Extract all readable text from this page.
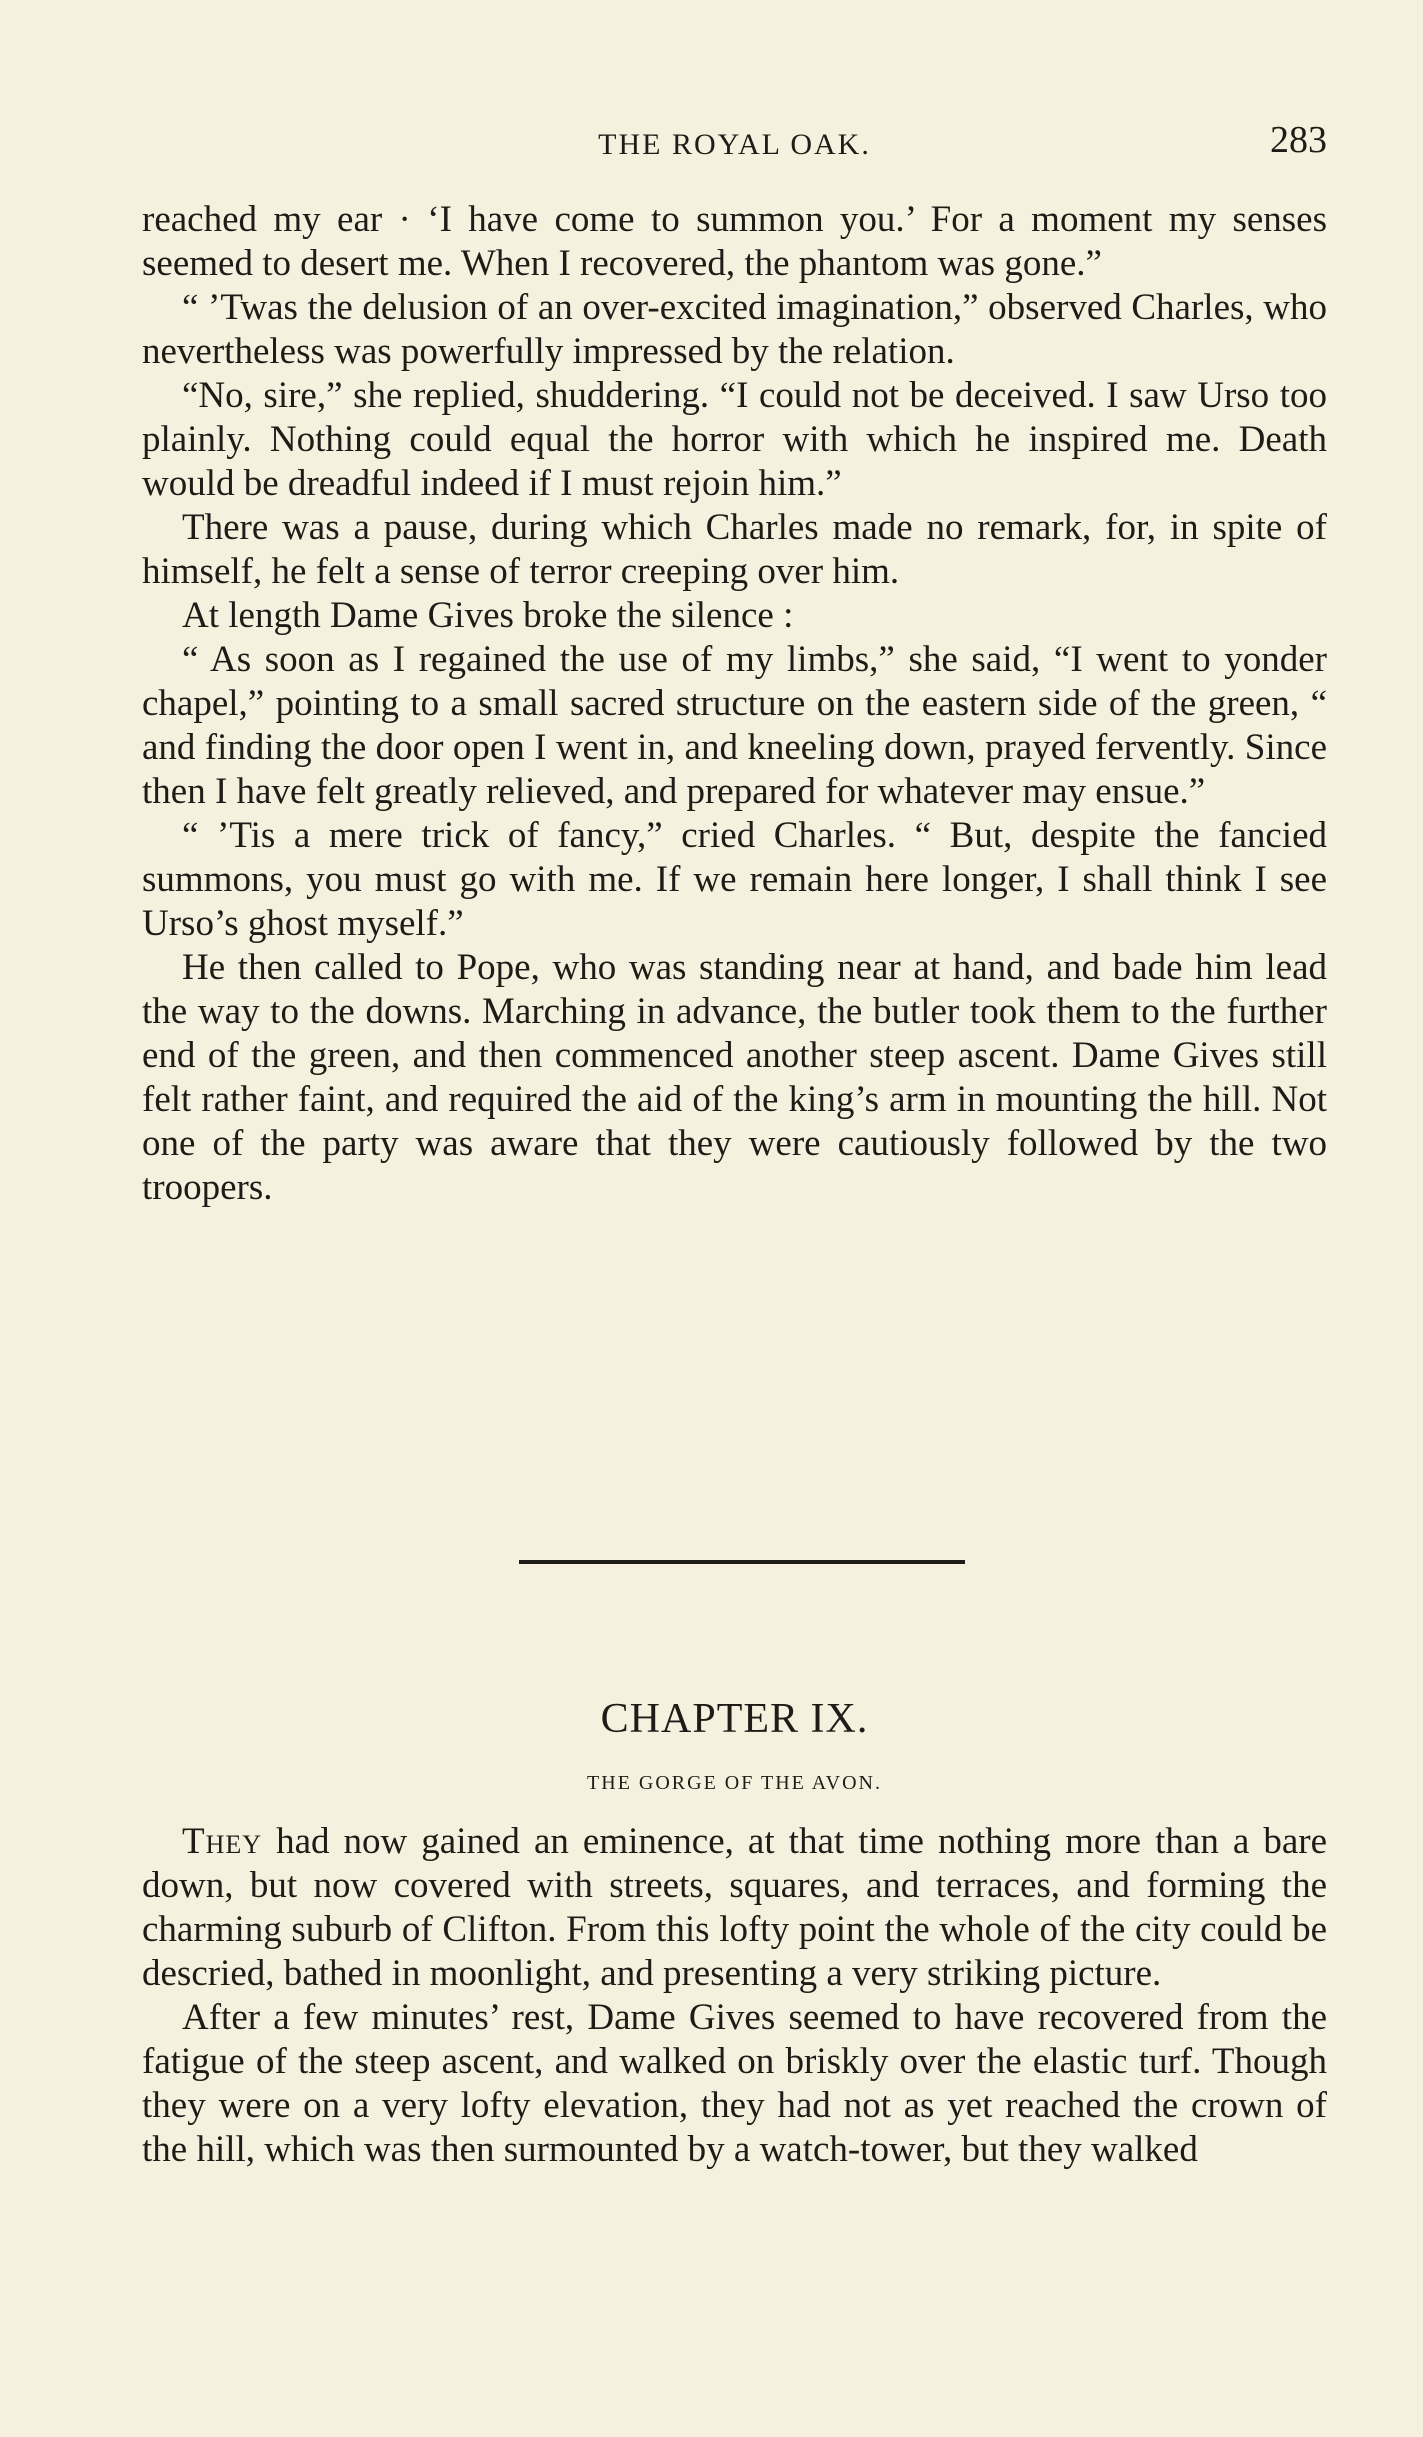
THE ROYAL OAK.	283

reached my ear · ‘I have come to summon you.’ For a moment my senses seemed to desert me. When I recovered, the phantom was gone.”

“ ’Twas the delusion of an over-excited imagination,” observed Charles, who nevertheless was powerfully impressed by the relation.

“No, sire,” she replied, shuddering. “I could not be deceived. I saw Urso too plainly. Nothing could equal the horror with which he inspired me. Death would be dreadful indeed if I must rejoin him.”

There was a pause, during which Charles made no remark, for, in spite of himself, he felt a sense of terror creeping over him.

At length Dame Gives broke the silence :

“ As soon as I regained the use of my limbs,” she said, “I went to yonder chapel,” pointing to a small sacred structure on the eastern side of the green, “ and finding the door open I went in, and kneeling down, prayed fervently. Since then I have felt greatly relieved, and prepared for whatever may ensue.”

“ ’Tis a mere trick of fancy,” cried Charles. “ But, despite the fancied summons, you must go with me. If we remain here longer, I shall think I see Urso’s ghost myself.”

He then called to Pope, who was standing near at hand, and bade him lead the way to the downs. Marching in advance, the butler took them to the further end of the green, and then commenced another steep ascent. Dame Gives still felt rather faint, and required the aid of the king’s arm in mounting the hill. Not one of the party was aware that they were cautiously followed by the two troopers.

CHAPTER IX.
THE GORGE OF THE AVON.

They had now gained an eminence, at that time nothing more than a bare down, but now covered with streets, squares, and terraces, and forming the charming suburb of Clifton. From this lofty point the whole of the city could be descried, bathed in moonlight, and presenting a very striking picture.

After a few minutes’ rest, Dame Gives seemed to have recovered from the fatigue of the steep ascent, and walked on briskly over the elastic turf. Though they were on a very lofty elevation, they had not as yet reached the crown of the hill, which was then surmounted by a watch-tower, but they walked
